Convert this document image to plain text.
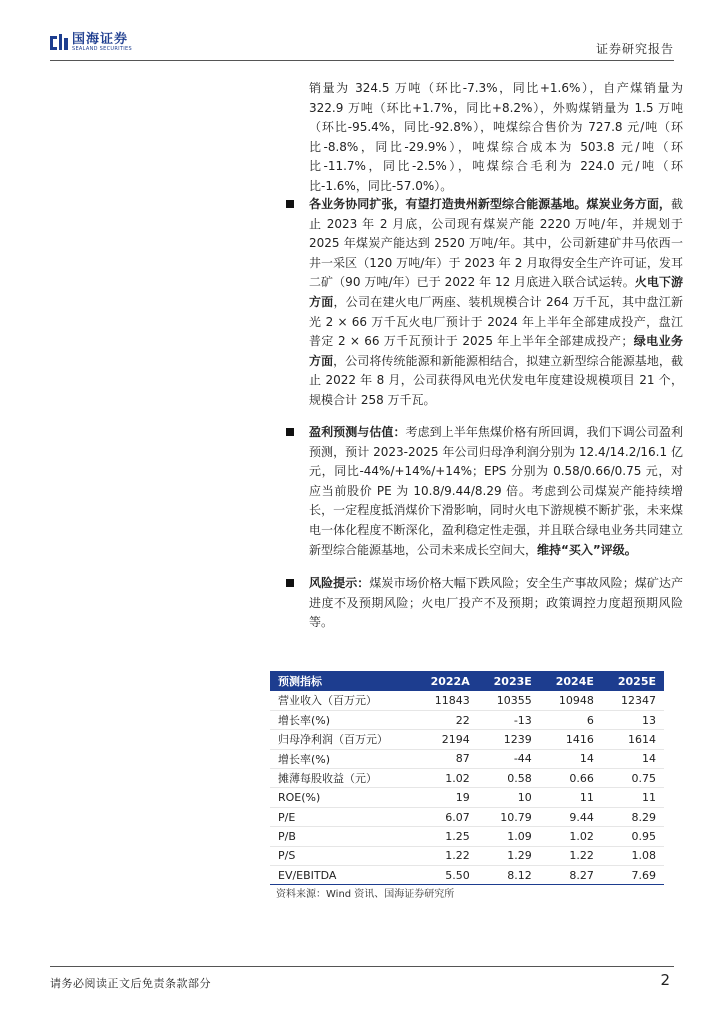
国海证券
SEALAND SECURITIES	证券研究报告
销量为 324.5 万吨（环比-7.3%，同比+1.6%），自产煤销量为 322.9 万吨（环比+1.7%，同比+8.2%），外购煤销量为 1.5 万吨（环比-95.4%，同比-92.8%），吨煤综合售价为 727.8 元/吨（环比-8.8%，同比-29.9%），吨煤综合成本为 503.8 元/吨（环比-11.7%，同比-2.5%），吨煤综合毛利为 224.0 元/吨（环比-1.6%，同比-57.0%）。
各业务协同扩张，有望打造贵州新型综合能源基地。煤炭业务方面，截止 2023 年 2 月底，公司现有煤炭产能 2220 万吨/年，并规划于 2025 年煤炭产能达到 2520 万吨/年。其中，公司新建矿井马依西一井一采区（120 万吨/年）于 2023 年 2 月取得安全生产许可证，发耳二矿（90 万吨/年）已于 2022 年 12 月底进入联合试运转。火电下游方面，公司在建火电厂两座、装机规模合计 264 万千瓦，其中盘江新光 2 × 66 万千瓦火电厂预计于 2024 年上半年全部建成投产，盘江普定 2 × 66 万千瓦预计于 2025 年上半年全部建成投产；绿电业务方面，公司将传统能源和新能源相结合，拟建立新型综合能源基地，截止 2022 年 8 月，公司获得风电光伏发电年度建设规模项目 21 个，规模合计 258 万千瓦。
盈利预测与估值：考虑到上半年焦煤价格有所回调，我们下调公司盈利预测，预计 2023-2025 年公司归母净利润分别为 12.4/14.2/16.1 亿元，同比-44%/+14%/+14%；EPS 分别为 0.58/0.66/0.75 元，对应当前股价 PE 为 10.8/9.44/8.29 倍。考虑到公司煤炭产能持续增长，一定程度抵消煤价下滑影响，同时火电下游规模不断扩张，未来煤电一体化程度不断深化，盈利稳定性走强，并且联合绿电业务共同建立新型综合能源基地，公司未来成长空间大，维持“买入”评级。
风险提示：煤炭市场价格大幅下跌风险；安全生产事故风险；煤矿达产进度不及预期风险；火电厂投产不及预期；政策调控力度超预期风险等。
预测指标	2022A	2023E	2024E	2025E
营业收入（百万元）	11843	10355	10948	12347
增长率(%)	22	-13	6	13
归母净利润（百万元）	2194	1239	1416	1614
增长率(%)	87	-44	14	14
摊薄每股收益（元）	1.02	0.58	0.66	0.75
ROE(%)	19	10	11	11
P/E	6.07	10.79	9.44	8.29
P/B	1.25	1.09	1.02	0.95
P/S	1.22	1.29	1.22	1.08
EV/EBITDA	5.50	8.12	8.27	7.69
资料来源：Wind 资讯、国海证券研究所
请务必阅读正文后免责条款部分	2
